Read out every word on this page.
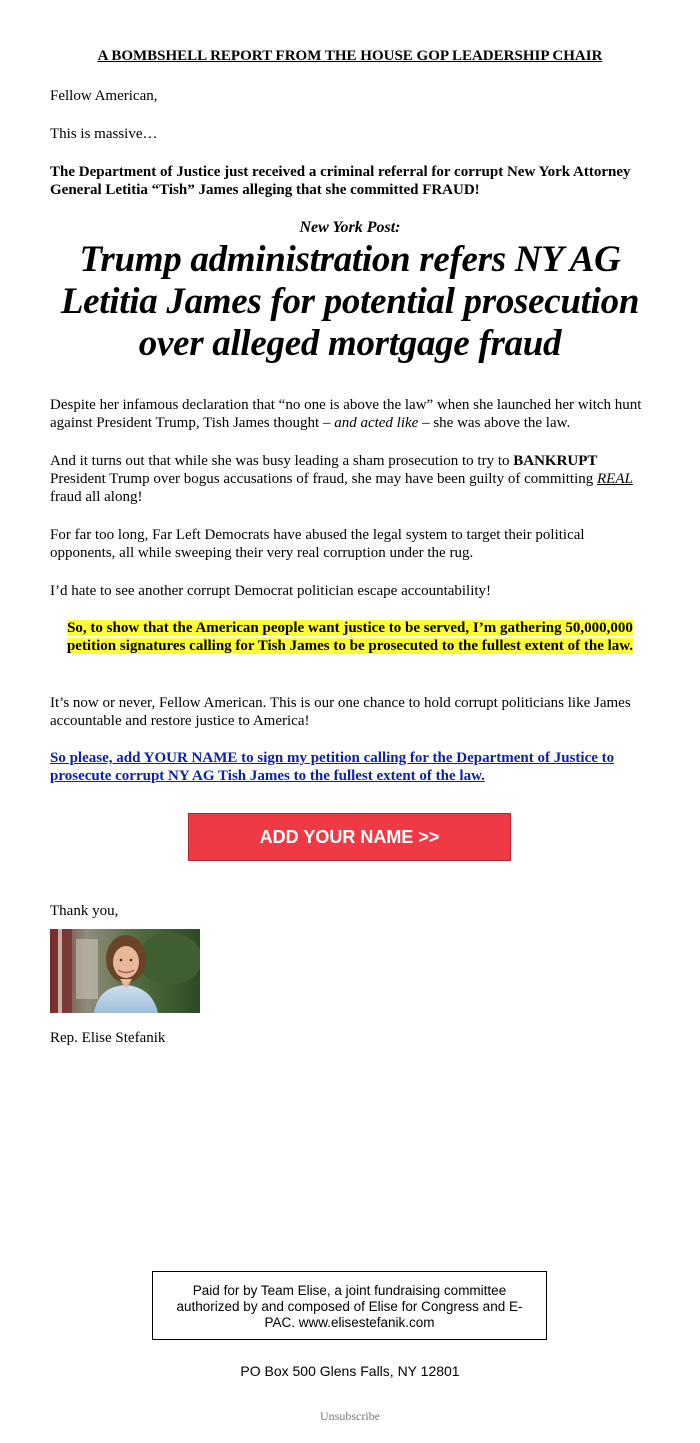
A BOMBSHELL REPORT FROM THE HOUSE GOP LEADERSHIP CHAIR

Fellow American,

This is massive…

The Department of Justice just received a criminal referral for corrupt New York Attorney General Letitia “Tish” James alleging that she committed FRAUD!

New York Post:
Trump administration refers NY AG Letitia James for potential prosecution over alleged mortgage fraud

Despite her infamous declaration that “no one is above the law” when she launched her witch hunt against President Trump, Tish James thought – and acted like – she was above the law.

And it turns out that while she was busy leading a sham prosecution to try to BANKRUPT President Trump over bogus accusations of fraud, she may have been guilty of committing REAL fraud all along!

For far too long, Far Left Democrats have abused the legal system to target their political opponents, all while sweeping their very real corruption under the rug.

I’d hate to see another corrupt Democrat politician escape accountability!

So, to show that the American people want justice to be served, I’m gathering 50,000,000 petition signatures calling for Tish James to be prosecuted to the fullest extent of the law.

It’s now or never, Fellow American. This is our one chance to hold corrupt politicians like James accountable and restore justice to America!

So please, add YOUR NAME to sign my petition calling for the Department of Justice to prosecute corrupt NY AG Tish James to the fullest extent of the law.
ADD YOUR NAME >>

Thank you,

Rep. Elise Stefanik

Paid for by Team Elise, a joint fundraising committee authorized by and composed of Elise for Congress and E-PAC. www.elisestefanik.com
PO Box 500 Glens Falls, NY 12801
Unsubscribe
